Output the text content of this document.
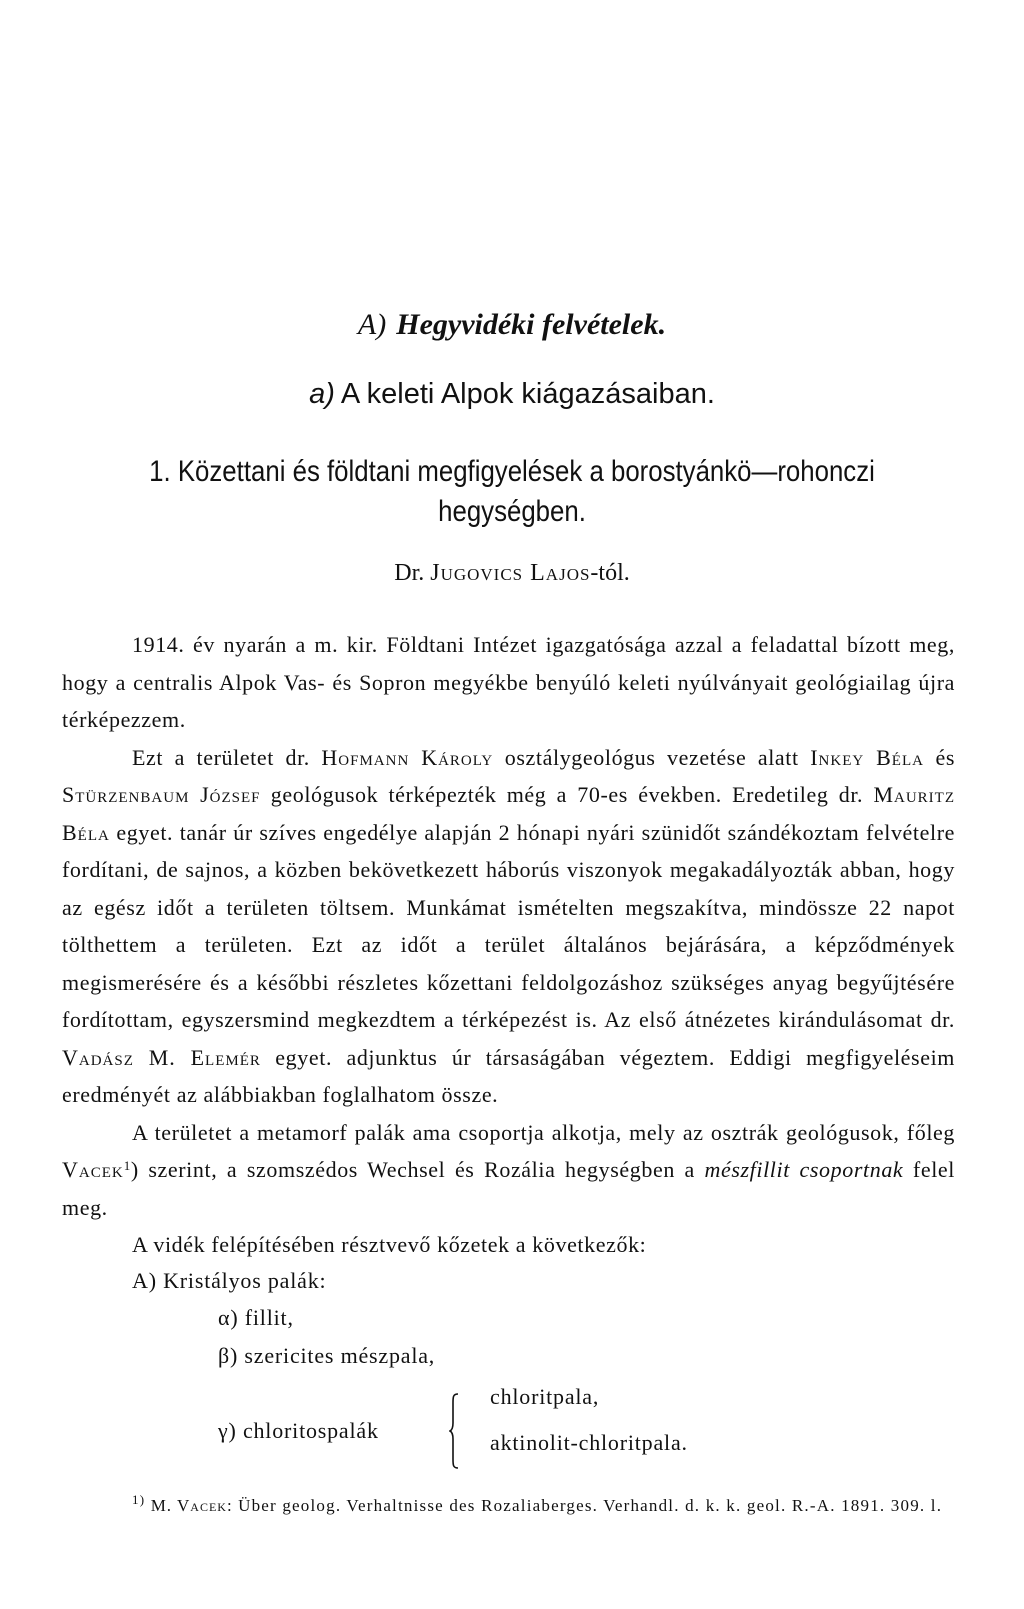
A) Hegyvidéki felvételek.
a) A keleti Alpok kiágazásaiban.
1. Közettani és földtani megfigyelések a borostyánkö—rohonczi
hegységben.
Dr. Jugovics Lajos-tól.

1914. év nyarán a m. kir. Földtani Intézet igazgatósága azzal a feladattal bízott meg, hogy a centralis Alpok Vas- és Sopron megyékbe benyúló keleti nyúlványait geológiailag újra térképezzem.

Ezt a területet dr. Hofmann Károly osztálygeológus vezetése alatt Inkey Béla és Stürzenbaum József geológusok térképezték még a 70-es években. Eredetileg dr. Mauritz Béla egyet. tanár úr szíves engedélye alapján 2 hónapi nyári szünidőt szándékoztam felvételre fordítani, de sajnos, a közben bekövetkezett háborús viszonyok megakadályozták abban, hogy az egész időt a területen töltsem. Munkámat ismételten megszakítva, mindössze 22 napot tölthettem a területen. Ezt az időt a terület általános bejárására, a képződmények megismerésére és a későbbi részletes kőzettani feldolgozáshoz szükséges anyag begyűjtésére fordítottam, egyszersmind megkezdtem a térképezést is. Az első átnézetes kirándulásomat dr. Vadász M. Elemér egyet. adjunktus úr társaságában végeztem. Eddigi megfigyeléseim eredményét az alábbiakban foglalhatom össze.

A területet a metamorf palák ama csoportja alkotja, mely az osztrák geológusok, főleg Vacek$^1$) szerint, a szomszédos Wechsel és Rozália hegységben a mészfillit csoportnak felel meg.

A vidék felépítésében résztvevő kőzetek a következők:

A) Kristályos palák:
α) fillit,
β) szericites mészpala,
γ) chloritospalák
chloritpala,
aktinolit-chloritpala.

$^{1)}$ M. Vacek: Über geolog. Verhaltnisse des Rozaliaberges. Verhandl. d. k. k. geol. R.-A. 1891. 309. l.
